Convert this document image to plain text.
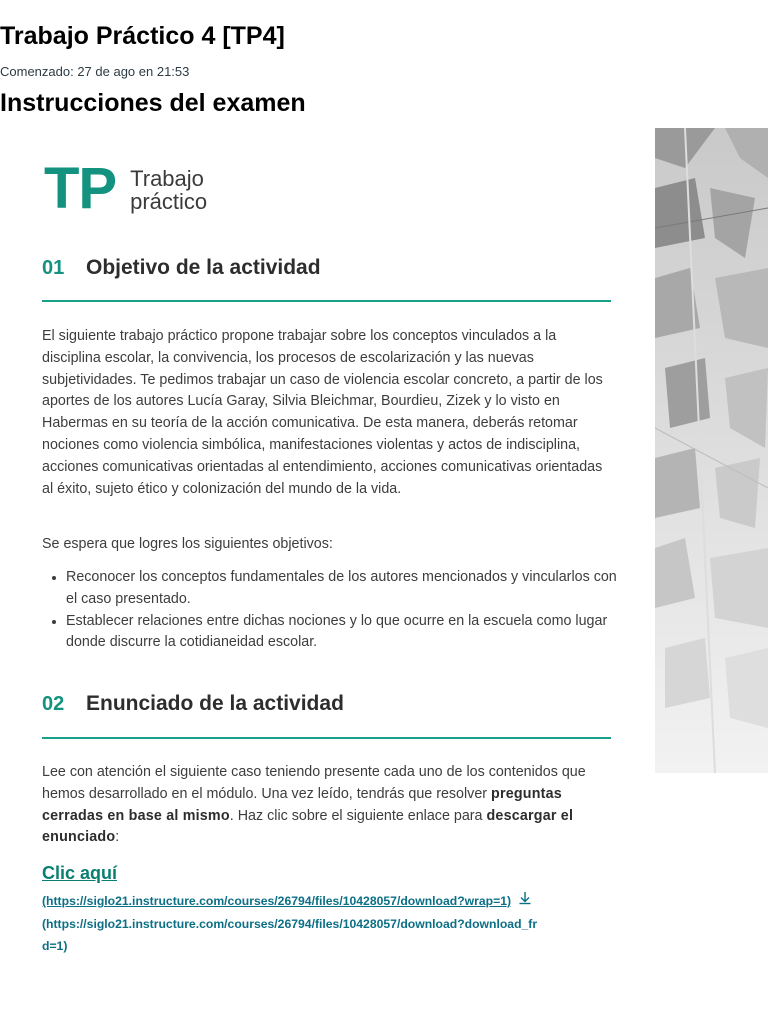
Trabajo Práctico 4 [TP4]
Comenzado: 27 de ago en 21:53
Instrucciones del examen
TP Trabajo
práctico
01	Objetivo de la actividad
El siguiente trabajo práctico propone trabajar sobre los conceptos vinculados a la disciplina escolar, la convivencia, los procesos de escolarización y las nuevas subjetividades. Te pedimos trabajar un caso de violencia escolar concreto, a partir de los aportes de los autores Lucía Garay, Silvia Bleichmar, Bourdieu, Zizek y lo visto en Habermas en su teoría de la acción comunicativa. De esta manera, deberás retomar nociones como violencia simbólica, manifestaciones violentas y actos de indisciplina, acciones comunicativas orientadas al entendimiento, acciones comunicativas orientadas al éxito, sujeto ético y colonización del mundo de la vida.
Se espera que logres los siguientes objetivos:
• Reconocer los conceptos fundamentales de los autores mencionados y vincularlos con el caso presentado.
• Establecer relaciones entre dichas nociones y lo que ocurre en la escuela como lugar donde discurre la cotidianeidad escolar.
02	Enunciado de la actividad
Lee con atención el siguiente caso teniendo presente cada uno de los contenidos que hemos desarrollado en el módulo. Una vez leído, tendrás que resolver preguntas cerradas en base al mismo. Haz clic sobre el siguiente enlace para descargar el enunciado:
Clic aquí
(https://siglo21.instructure.com/courses/26794/files/10428057/download?wrap=1)
(https://siglo21.instructure.com/courses/26794/files/10428057/download?download_frd=1)
